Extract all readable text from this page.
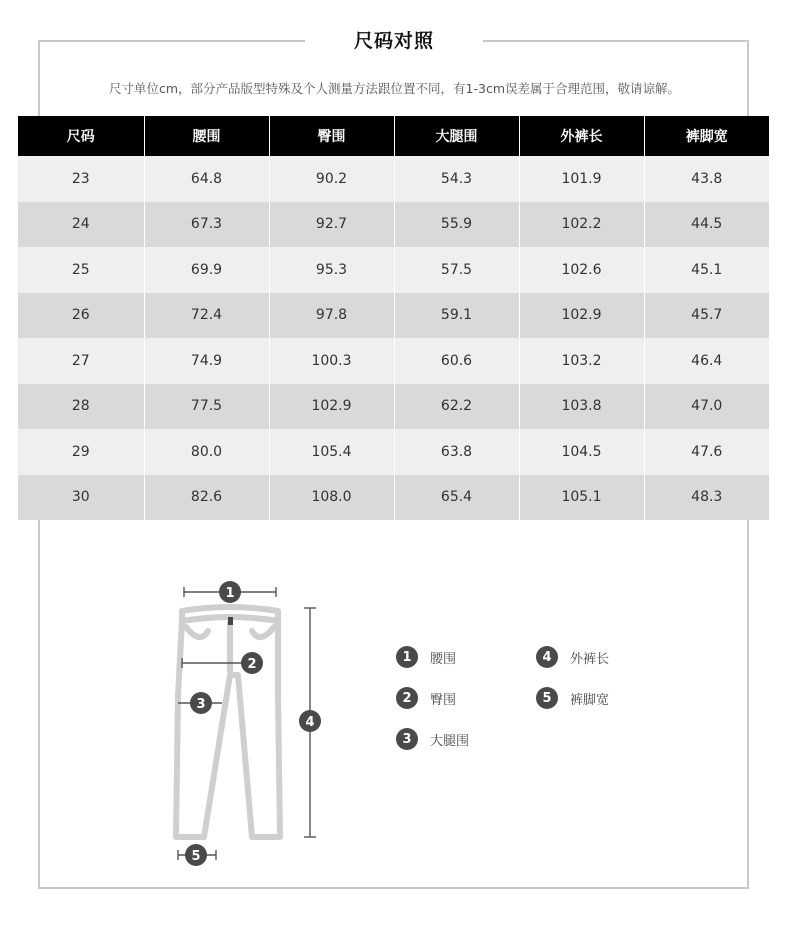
尺码对照
尺寸单位cm，部分产品版型特殊及个人测量方法跟位置不同，有1-3cm误差属于合理范围，敬请谅解。
尺码	腰围	臀围	大腿围	外裤长	裤脚宽
23	64.8	90.2	54.3	101.9	43.8
24	67.3	92.7	55.9	102.2	44.5
25	69.9	95.3	57.5	102.6	45.1
26	72.4	97.8	59.1	102.9	45.7
27	74.9	100.3	60.6	103.2	46.4
28	77.5	102.9	62.2	103.8	47.0
29	80.0	105.4	63.8	104.5	47.6
30	82.6	108.0	65.4	105.1	48.3
1
2
3
4
5
1	腰围	4	外裤长
2	臀围	5	裤脚宽
3	大腿围
